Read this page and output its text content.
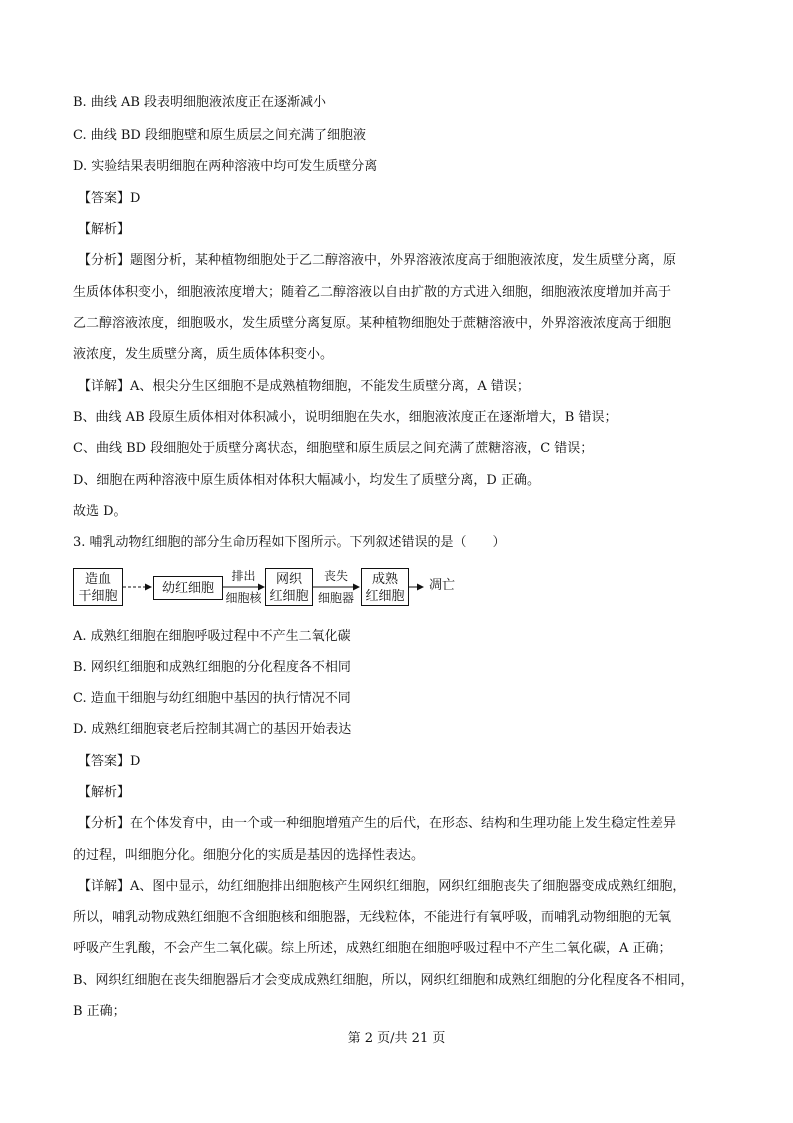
B. 曲线 AB 段表明细胞液浓度正在逐渐减小
C. 曲线 BD 段细胞壁和原生质层之间充满了细胞液
D. 实验结果表明细胞在两种溶液中均可发生质壁分离
【答案】D
【解析】
【分析】题图分析，某种植物细胞处于乙二醇溶液中，外界溶液浓度高于细胞液浓度，发生质壁分离，原
生质体体积变小，细胞液浓度增大；随着乙二醇溶液以自由扩散的方式进入细胞，细胞液浓度增加并高于
乙二醇溶液浓度，细胞吸水，发生质壁分离复原。某种植物细胞处于蔗糖溶液中，外界溶液浓度高于细胞
液浓度，发生质壁分离，质生质体体积变小。
【详解】A、根尖分生区细胞不是成熟植物细胞，不能发生质壁分离，A 错误；
B、曲线 AB 段原生质体相对体积减小，说明细胞在失水，细胞液浓度正在逐渐增大，B 错误；
C、曲线 BD 段细胞处于质壁分离状态，细胞壁和原生质层之间充满了蔗糖溶液，C 错误；
D、细胞在两种溶液中原生质体相对体积大幅减小，均发生了质壁分离，D 正确。
故选 D。
3. 哺乳动物红细胞的部分生命历程如下图所示。下列叙述错误的是（　　）
造血
干细胞
幼红细胞
排出
细胞核
网织
红细胞
丧失
细胞器
成熟
红细胞
凋亡
A. 成熟红细胞在细胞呼吸过程中不产生二氧化碳
B. 网织红细胞和成熟红细胞的分化程度各不相同
C. 造血干细胞与幼红细胞中基因的执行情况不同
D. 成熟红细胞衰老后控制其凋亡的基因开始表达
【答案】D
【解析】
【分析】在个体发育中，由一个或一种细胞增殖产生的后代，在形态、结构和生理功能上发生稳定性差异
的过程，叫细胞分化。细胞分化的实质是基因的选择性表达。
【详解】A、图中显示，幼红细胞排出细胞核产生网织红细胞，网织红细胞丧失了细胞器变成成熟红细胞，
所以，哺乳动物成熟红细胞不含细胞核和细胞器，无线粒体，不能进行有氧呼吸，而哺乳动物细胞的无氧
呼吸产生乳酸，不会产生二氧化碳。综上所述，成熟红细胞在细胞呼吸过程中不产生二氧化碳，A 正确；
B、网织红细胞在丧失细胞器后才会变成成熟红细胞，所以，网织红细胞和成熟红细胞的分化程度各不相同，
B 正确；
第 2 页/共 21 页
